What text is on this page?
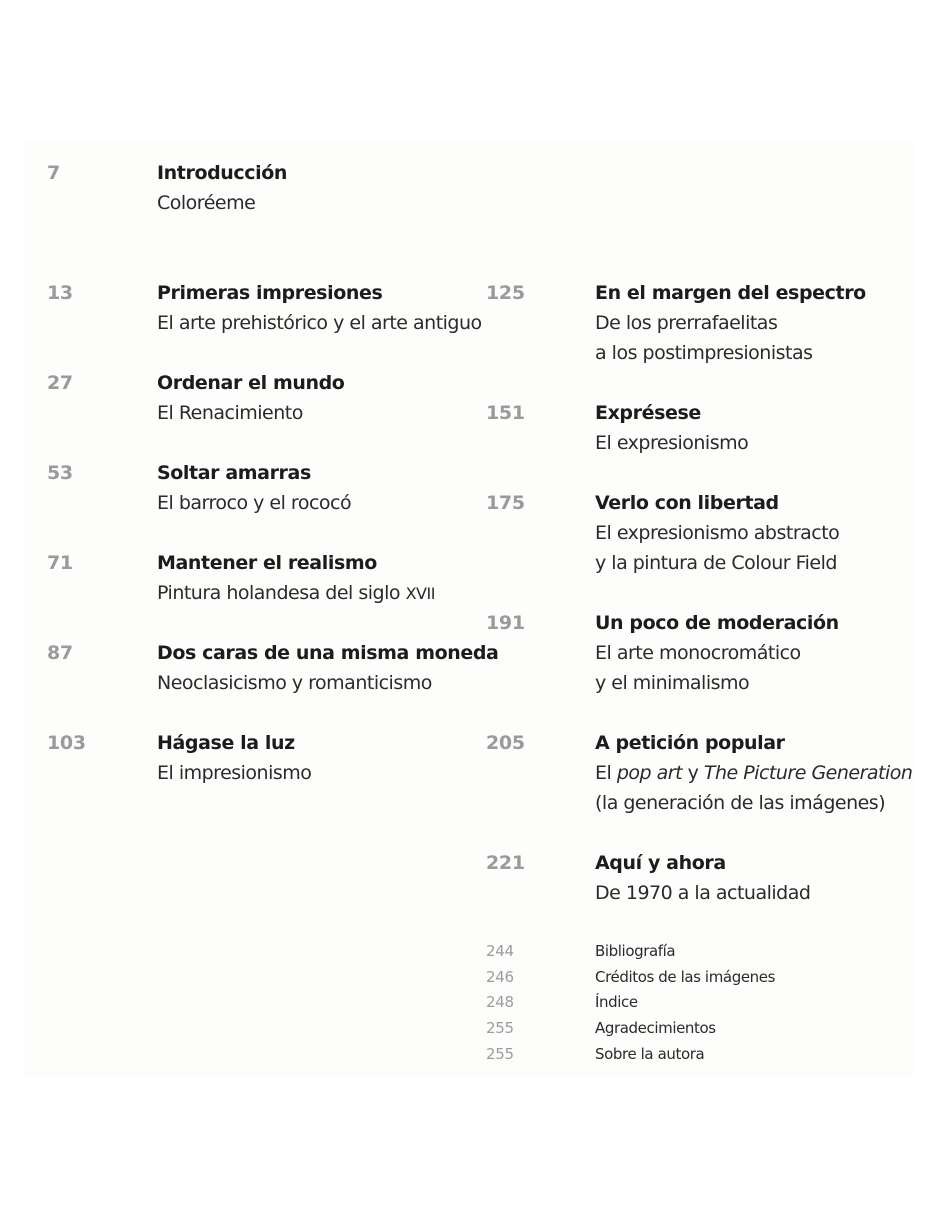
7	Introducción
Coloréeme
13	Primeras impresiones
El arte prehistórico y el arte antiguo
27	Ordenar el mundo
El Renacimiento
53	Soltar amarras
El barroco y el rococó
71	Mantener el realismo
Pintura holandesa del siglo XVII
87	Dos caras de una misma moneda
Neoclasicismo y romanticismo
103	Hágase la luz
El impresionismo
125	En el margen del espectro
De los prerrafaelitas
a los postimpresionistas
151	Exprésese
El expresionismo
175	Verlo con libertad
El expresionismo abstracto
y la pintura de Colour Field
191	Un poco de moderación
El arte monocromático
y el minimalismo
205	A petición popular
El pop art y The Picture Generation
(la generación de las imágenes)
221	Aquí y ahora
De 1970 a la actualidad
244	Bibliografía
246	Créditos de las imágenes
248	Índice
255	Agradecimientos
255	Sobre la autora
